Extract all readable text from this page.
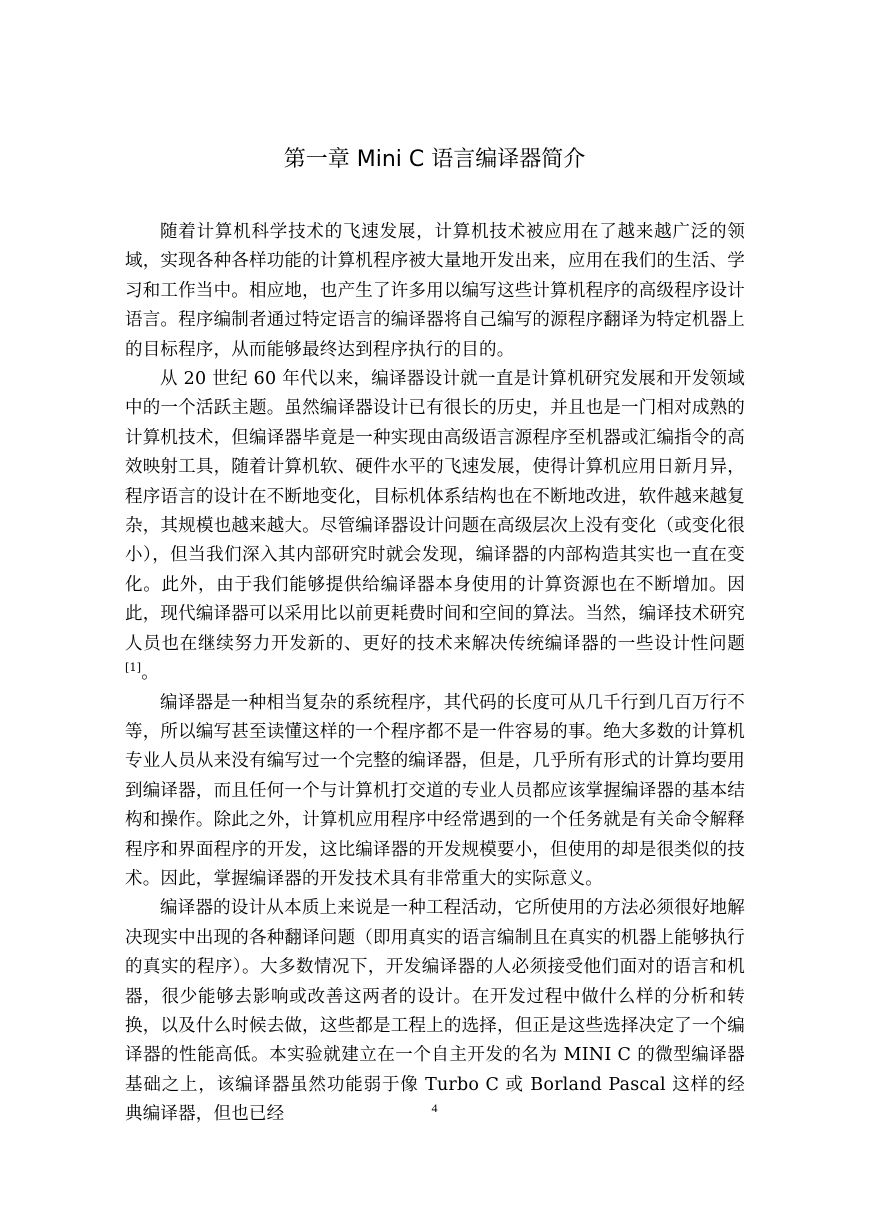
第一章 Mini C 语言编译器简介

随着计算机科学技术的飞速发展，计算机技术被应用在了越来越广泛的领域，实现各种各样功能的计算机程序被大量地开发出来，应用在我们的生活、学习和工作当中。相应地，也产生了许多用以编写这些计算机程序的高级程序设计语言。程序编制者通过特定语言的编译器将自己编写的源程序翻译为特定机器上的目标程序，从而能够最终达到程序执行的目的。

从 20 世纪 60 年代以来，编译器设计就一直是计算机研究发展和开发领域中的一个活跃主题。虽然编译器设计已有很长的历史，并且也是一门相对成熟的计算机技术，但编译器毕竟是一种实现由高级语言源程序至机器或汇编指令的高效映射工具，随着计算机软、硬件水平的飞速发展，使得计算机应用日新月异，程序语言的设计在不断地变化，目标机体系结构也在不断地改进，软件越来越复杂，其规模也越来越大。尽管编译器设计问题在高级层次上没有变化（或变化很小），但当我们深入其内部研究时就会发现，编译器的内部构造其实也一直在变化。此外，由于我们能够提供给编译器本身使用的计算资源也在不断增加。因此，现代编译器可以采用比以前更耗费时间和空间的算法。当然，编译技术研究人员也在继续努力开发新的、更好的技术来解决传统编译器的一些设计性问题[1]。

编译器是一种相当复杂的系统程序，其代码的长度可从几千行到几百万行不等，所以编写甚至读懂这样的一个程序都不是一件容易的事。绝大多数的计算机专业人员从来没有编写过一个完整的编译器，但是，几乎所有形式的计算均要用到编译器，而且任何一个与计算机打交道的专业人员都应该掌握编译器的基本结构和操作。除此之外，计算机应用程序中经常遇到的一个任务就是有关命令解释程序和界面程序的开发，这比编译器的开发规模要小，但使用的却是很类似的技术。因此，掌握编译器的开发技术具有非常重大的实际意义。

编译器的设计从本质上来说是一种工程活动，它所使用的方法必须很好地解决现实中出现的各种翻译问题（即用真实的语言编制且在真实的机器上能够执行的真实的程序）。大多数情况下，开发编译器的人必须接受他们面对的语言和机器，很少能够去影响或改善这两者的设计。在开发过程中做什么样的分析和转换，以及什么时候去做，这些都是工程上的选择，但正是这些选择决定了一个编译器的性能高低。本实验就建立在一个自主开发的名为 MINI C 的微型编译器基础之上，该编译器虽然功能弱于像 Turbo C 或 Borland Pascal 这样的经典编译器，但也已经	4
